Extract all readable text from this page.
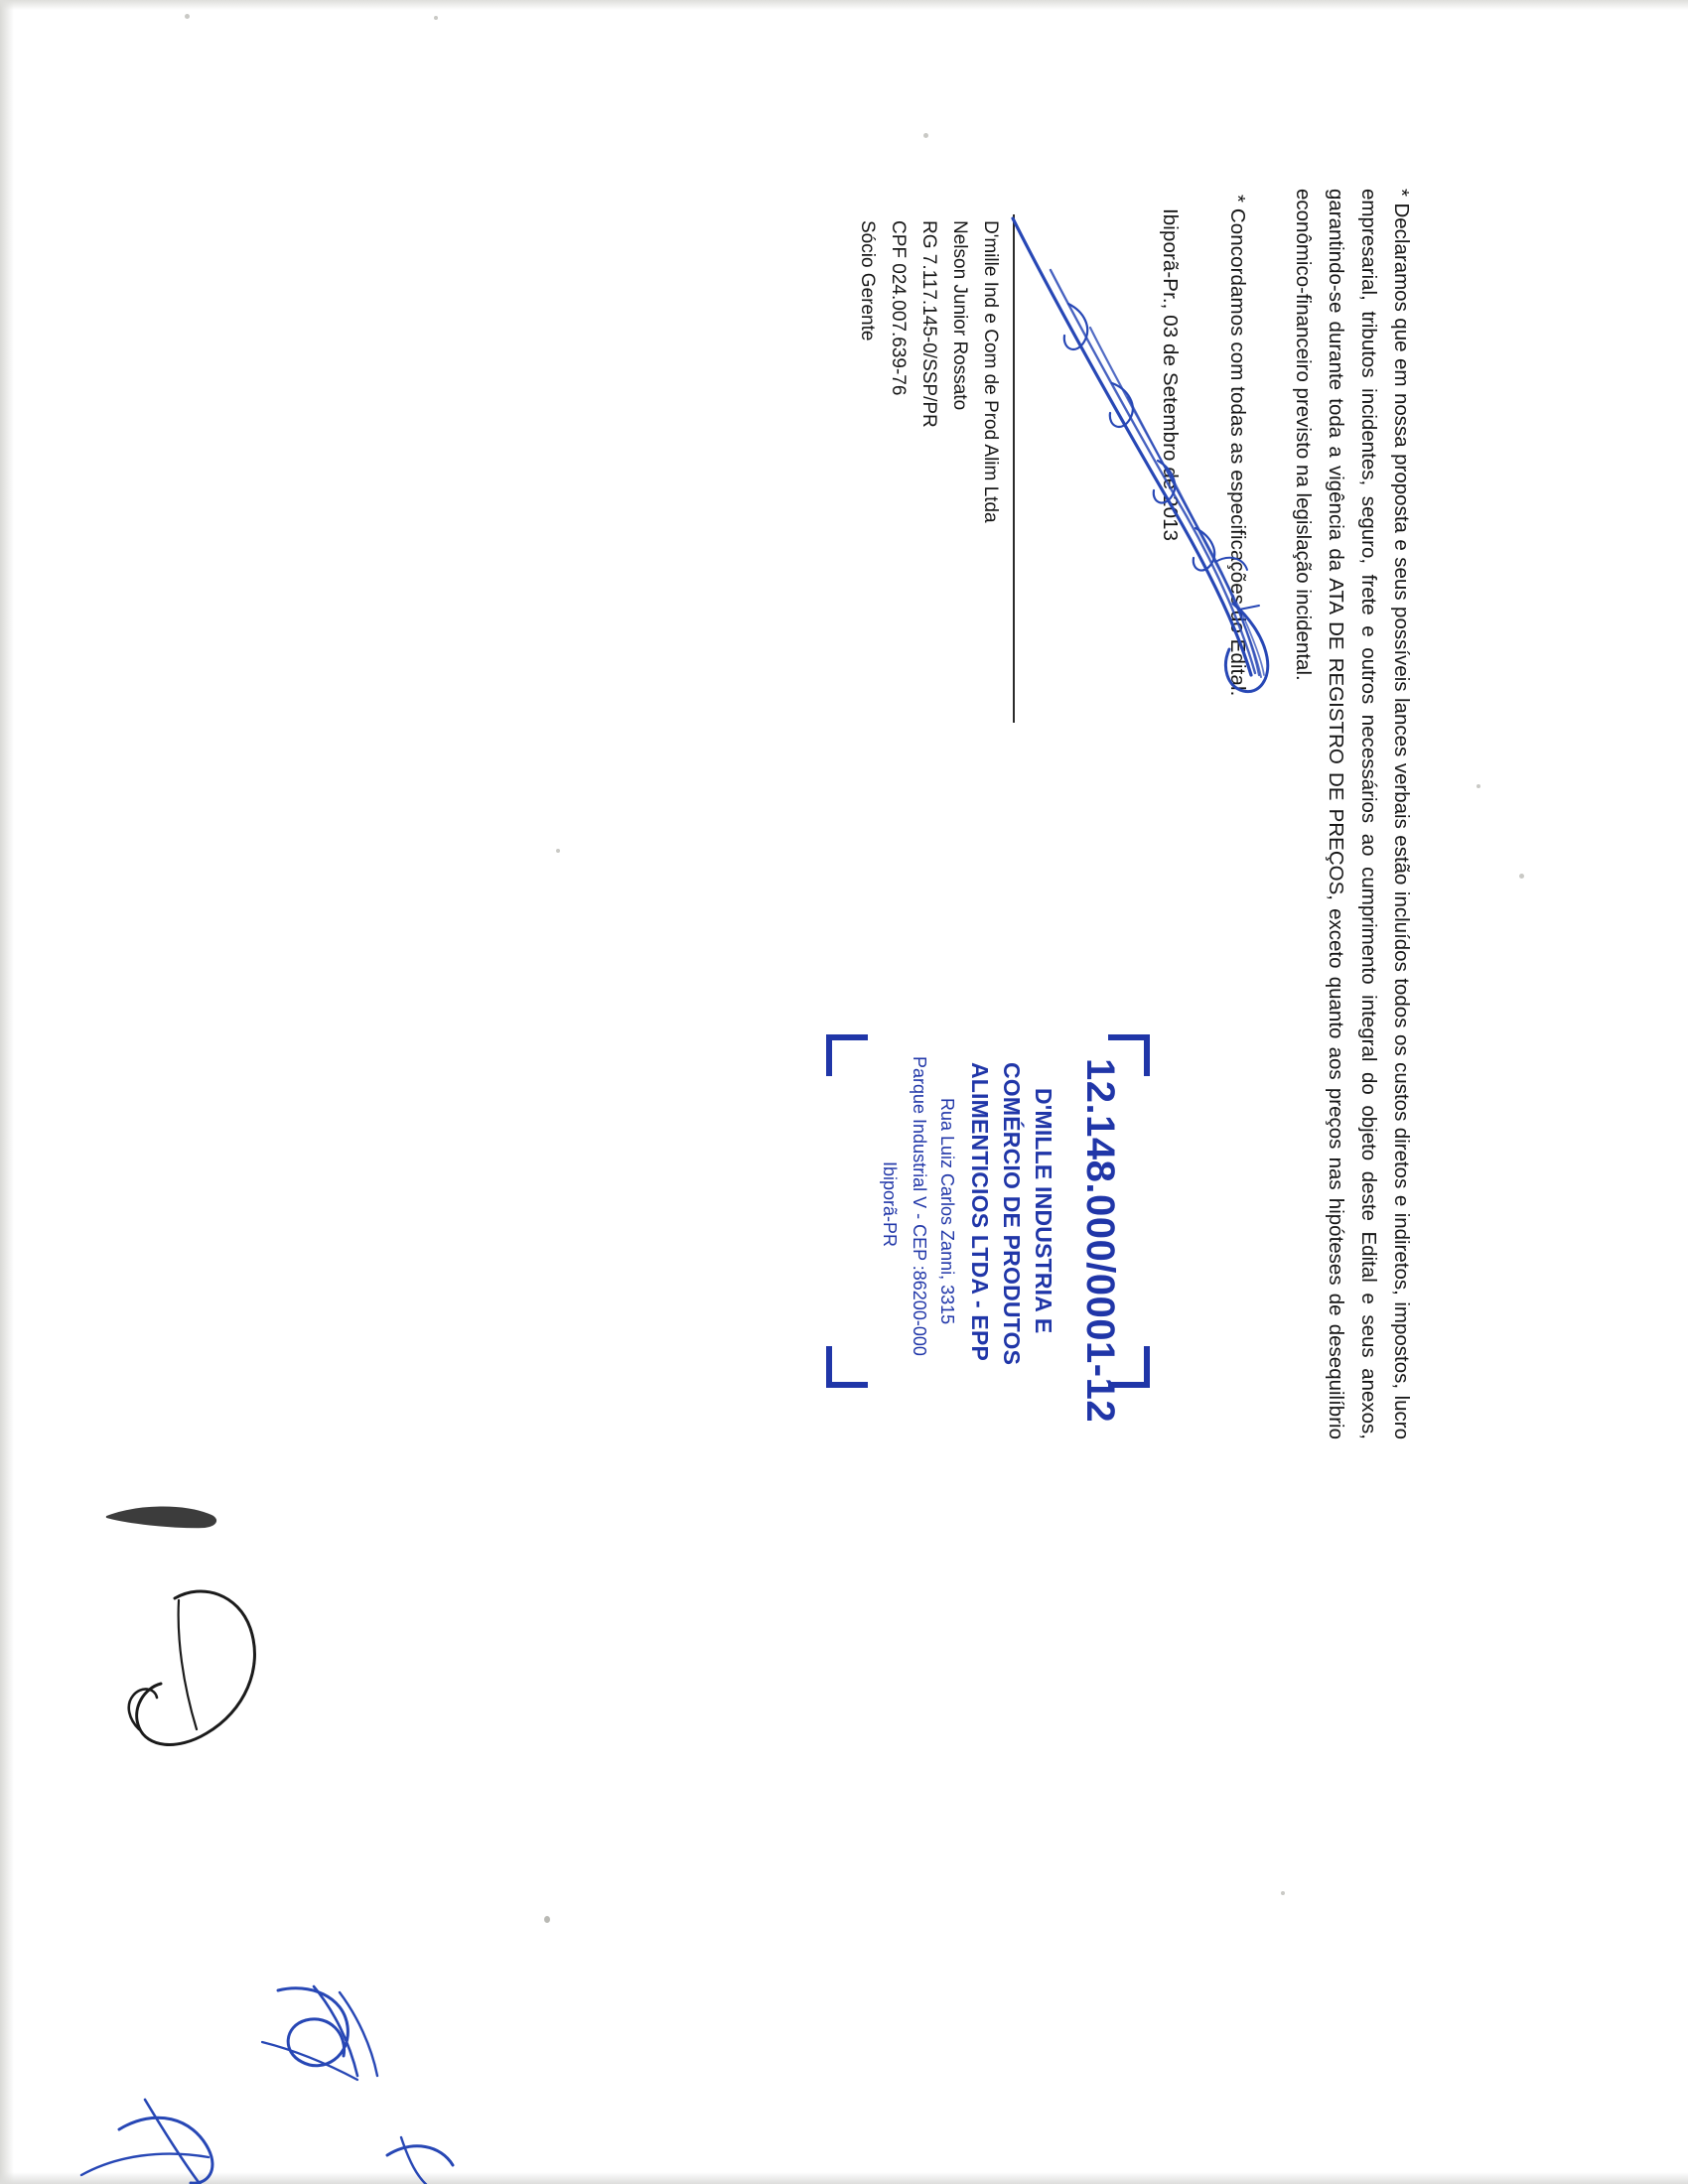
* Declaramos que em nossa proposta e seus possíveis lances verbais estão incluídos todos os custos diretos e indiretos, impostos, lucro empresarial, tributos incidentes, seguro, frete e outros necessários ao cumprimento integral do objeto deste Edital e seus anexos, garantindo-se durante toda a vigência da ATA DE REGISTRO DE PREÇOS, exceto quanto aos preços nas hipóteses de desequilíbrio econômico-financeiro previsto na legislação incidental.
* Concordamos com todas as especificações do Edital.
Ibiporã-Pr., 03 de Setembro de 2013
D'mille Ind e Com de Prod Alim Ltda
Nelson Junior Rossato
RG 7.117.145-0/SSP/PR
CPF 024.007.639-76
Sócio Gerente
12.148.000/0001-12
D'MILLE INDUSTRIA E
COMÉRCIO DE PRODUTOS
ALIMENTICIOS LTDA - EPP
Rua Luiz Carlos Zanni, 3315
Parque Industrial V - CEP :86200-000
Ibiporã-PR
